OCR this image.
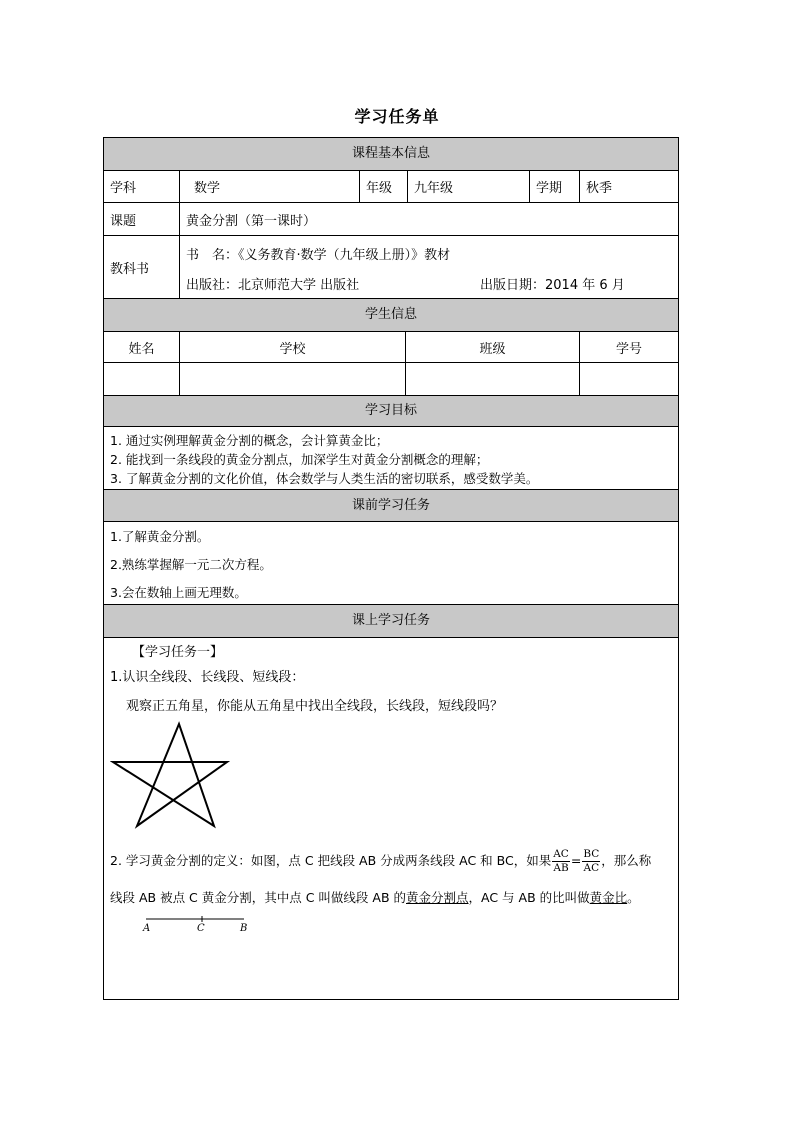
学习任务单
课程基本信息
学科	数学	年级	九年级	学期	秋季
课题	黄金分割（第一课时）
教科书
书　名：《义务教育·数学（九年级上册）》教材
出版社：北京师范大学 出版社	出版日期：2014 年 6 月
学生信息
姓名	学校	班级	学号
学习目标
1. 通过实例理解黄金分割的概念，会计算黄金比；
2. 能找到一条线段的黄金分割点，加深学生对黄金分割概念的理解；
3. 了解黄金分割的文化价值，体会数学与人类生活的密切联系，感受数学美。
课前学习任务
1.了解黄金分割。
2.熟练掌握解一元二次方程。
3.会在数轴上画无理数。
课上学习任务
【学习任务一】
1.认识全线段、长线段、短线段：
观察正五角星，你能从五角星中找出全线段，长线段，短线段吗？
2. 学习黄金分割的定义：如图，点 C 把线段 AB 分成两条线段 AC 和 BC，如果 $\frac{AC}{AB} = \frac{BC}{AC}$ ，那么称
线段 AB 被点 C 黄金分割，其中点 C 叫做线段 AB 的黄金分割点，AC 与 AB 的比叫做黄金比。
A	C	B
